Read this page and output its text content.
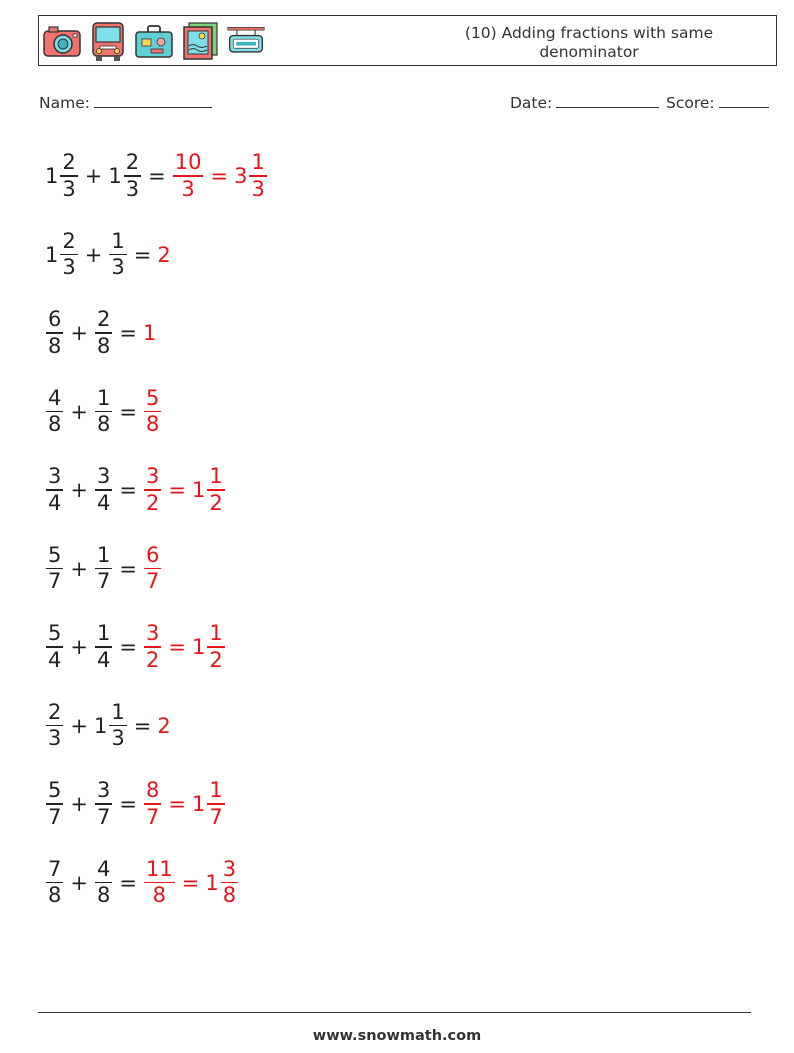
(10) Adding fractions with same denominator
Name:	Date:	Score:
$1 \frac{2}{3} + 1 \frac{2}{3} = \frac{10}{3} = 3 \frac{1}{3}$
$1 \frac{2}{3} + \frac{1}{3} = 2$
$\frac{6}{8} + \frac{2}{8} = 1$
$\frac{4}{8} + \frac{1}{8} = \frac{5}{8}$
$\frac{3}{4} + \frac{3}{4} = \frac{3}{2} = 1 \frac{1}{2}$
$\frac{5}{7} + \frac{1}{7} = \frac{6}{7}$
$\frac{5}{4} + \frac{1}{4} = \frac{3}{2} = 1 \frac{1}{2}$
$\frac{2}{3} + 1 \frac{1}{3} = 2$
$\frac{5}{7} + \frac{3}{7} = \frac{8}{7} = 1 \frac{1}{7}$
$\frac{7}{8} + \frac{4}{8} = \frac{11}{8} = 1 \frac{3}{8}$
www.snowmath.com
